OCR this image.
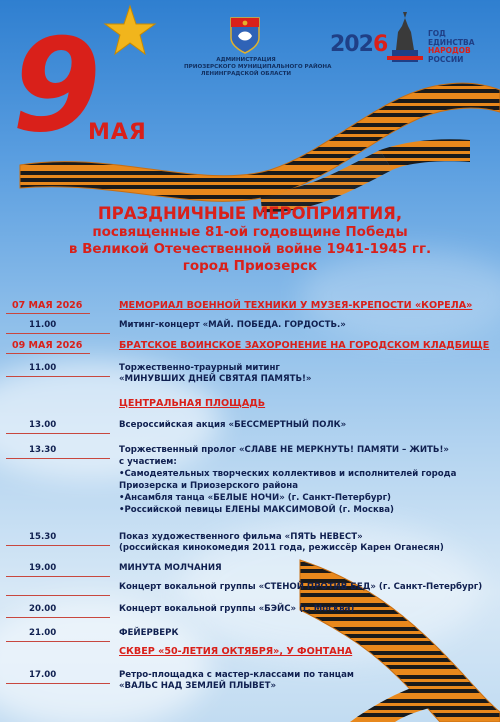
9
МАЯ
АДМИНИСТРАЦИЯ
ПРИОЗЕРСКОГО МУНИЦИПАЛЬНОГО РАЙОНА
ЛЕНИНГРАДСКОЙ ОБЛАСТИ
2026	ГОД
ЕДИНСТВА
НАРОДОВ
РОССИИ
ПРАЗДНИЧНЫЕ МЕРОПРИЯТИЯ,
посвященные 81-ой годовщине Победы
в Великой Отечественной войне 1941-1945 гг.
город Приозерск
07 МАЯ 2026	МЕМОРИАЛ ВОЕННОЙ ТЕХНИКИ У МУЗЕЯ-КРЕПОСТИ «КОРЕЛА»
11.00	Митинг-концерт «МАЙ. ПОБЕДА. ГОРДОСТЬ.»
09 МАЯ 2026	БРАТСКОЕ ВОИНСКОЕ ЗАХОРОНЕНИЕ НА ГОРОДСКОМ КЛАДБИЩЕ
11.00	Торжественно-траурный митинг
«МИНУВШИХ ДНЕЙ СВЯТАЯ ПАМЯТЬ!»
ЦЕНТРАЛЬНАЯ ПЛОЩАДЬ
13.00	Всероссийская акция «БЕССМЕРТНЫЙ ПОЛК»
13.30	Торжественный пролог «СЛАВЕ НЕ МЕРКНУТЬ! ПАМЯТИ – ЖИТЬ!»
с участием:
•Самодеятельных творческих коллективов и исполнителей города
Приозерска и Приозерского района
•Ансамбля танца «БЕЛЫЕ НОЧИ» (г. Санкт-Петербург)
•Российской певицы ЕЛЕНЫ МАКСИМОВОЙ (г. Москва)
15.30	Показ художественного фильма «ПЯТЬ НЕВЕСТ»
(российская кинокомедия 2011 года, режиссёр Карен Оганесян)
19.00	МИНУТА МОЛЧАНИЯ
Концерт вокальной группы «СТЕНОЙ ПРОТИВ БЕД» (г. Санкт-Петербург)
20.00	Концерт вокальной группы «БЭЙС» (г. Москва)
21.00	ФЕЙЕРВЕРК
СКВЕР «50-ЛЕТИЯ ОКТЯБРЯ», У ФОНТАНА
17.00	Ретро-площадка с мастер-классами по танцам
«ВАЛЬС НАД ЗЕМЛЕЙ ПЛЫВЕТ»
